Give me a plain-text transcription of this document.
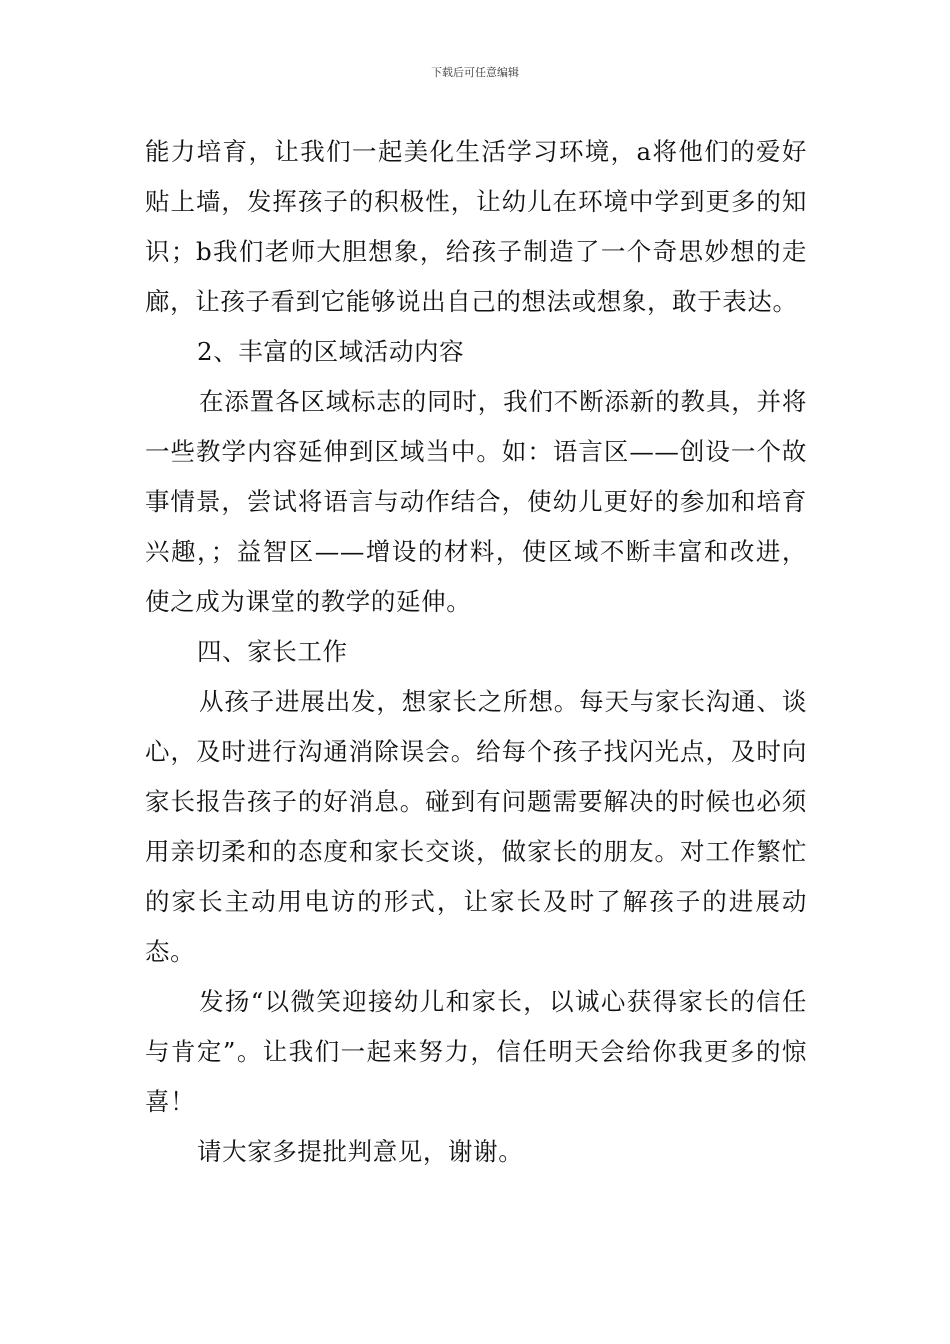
下载后可任意编辑

能力培育，让我们一起美化生活学习环境，a将他们的爱好贴上墙，发挥孩子的积极性，让幼儿在环境中学到更多的知识；b我们老师大胆想象，给孩子制造了一个奇思妙想的走廊，让孩子看到它能够说出自己的想法或想象，敢于表达。

2、丰富的区域活动内容

在添置各区域标志的同时，我们不断添新的教具，并将一些教学内容延伸到区域当中。如：语言区——创设一个故事情景，尝试将语言与动作结合，使幼儿更好的参加和培育兴趣，；益智区——增设的材料，使区域不断丰富和改进，使之成为课堂的教学的延伸。

四、家长工作

从孩子进展出发，想家长之所想。每天与家长沟通、谈心，及时进行沟通消除误会。给每个孩子找闪光点，及时向家长报告孩子的好消息。碰到有问题需要解决的时候也必须用亲切柔和的态度和家长交谈，做家长的朋友。对工作繁忙的家长主动用电访的形式，让家长及时了解孩子的进展动态。

发扬“以微笑迎接幼儿和家长，以诚心获得家长的信任与肯定”。让我们一起来努力，信任明天会给你我更多的惊喜！

请大家多提批判意见，谢谢。
